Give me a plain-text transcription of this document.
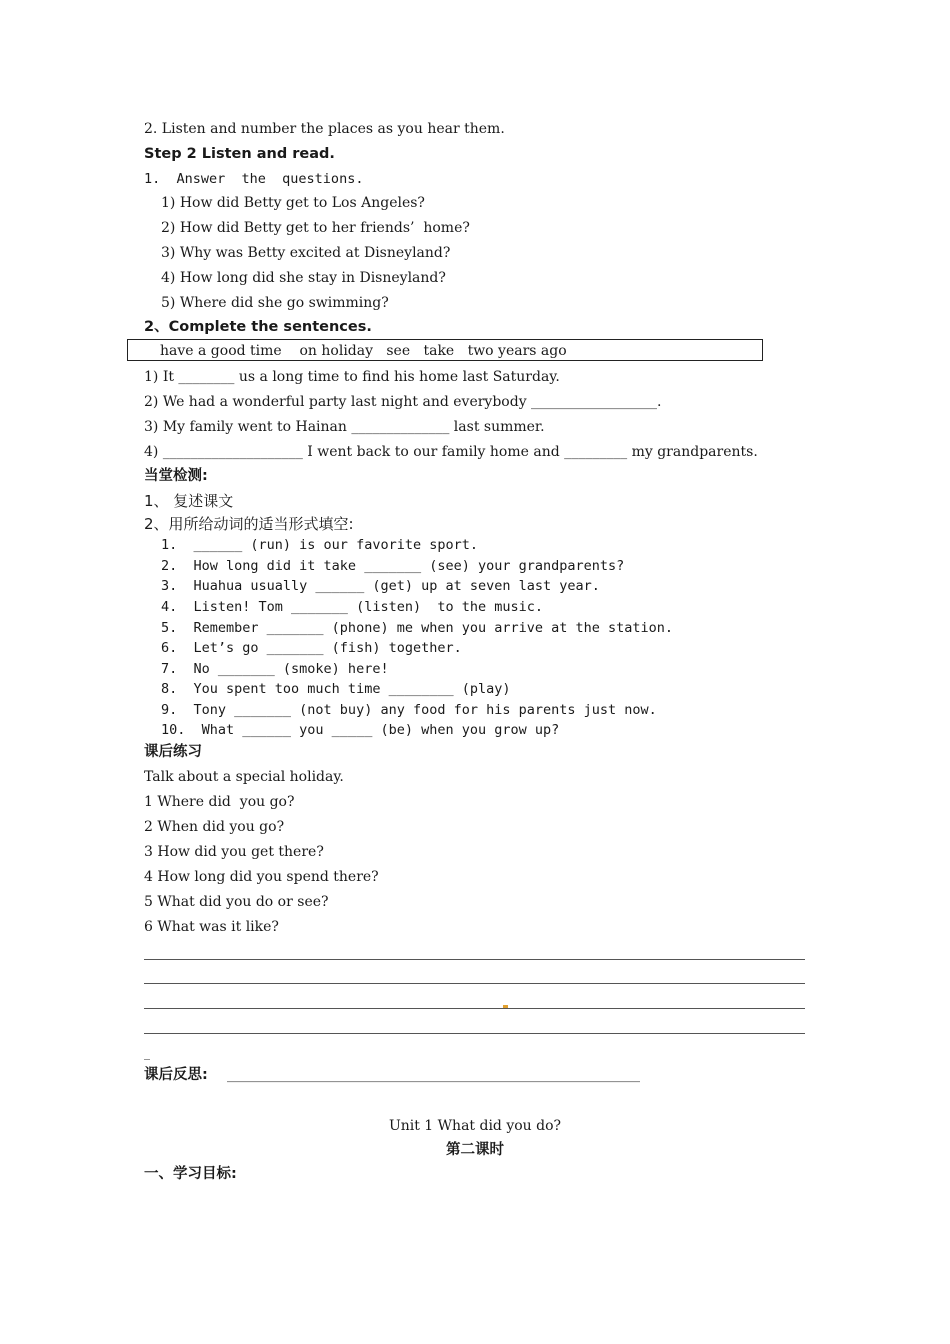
2. Listen and number the places as you hear them.
Step 2 Listen and read.
1.  Answer  the  questions.
1) How did Betty get to Los Angeles?
2) How did Betty get to her friends’  home?
3) Why was Betty excited at Disneyland?
4) How long did she stay in Disneyland?
5) Where did she go swimming?
2、Complete the sentences.
have a good time    on holiday   see   take   two years ago
1) It ________ us a long time to find his home last Saturday.
2) We had a wonderful party last night and everybody __________________.
3) My family went to Hainan ______________ last summer.
4) ____________________ I went back to our family home and _________ my grandparents.
当堂检测:
1、 复述课文
2、用所给动词的适当形式填空:
1.  ______ (run) is our favorite sport.
2.  How long did it take _______ (see) your grandparents?
3.  Huahua usually ______ (get) up at seven last year.
4.  Listen! Tom _______ (listen)  to the music.
5.  Remember _______ (phone) me when you arrive at the station.
6.  Let’s go _______ (fish) together.
7.  No _______ (smoke) here!
8.  You spent too much time ________ (play)
9.  Tony _______ (not buy) any food for his parents just now.
10.  What ______ you _____ (be) when you grow up?
课后练习
Talk about a special holiday.
1 Where did  you go?
2 When did you go?
3 How did you get there?
4 How long did you spend there?
5 What did you do or see?
6 What was it like?
_
课后反思: ___________________________________________________________
Unit 1 What did you do?
第二课时
一、学习目标:
